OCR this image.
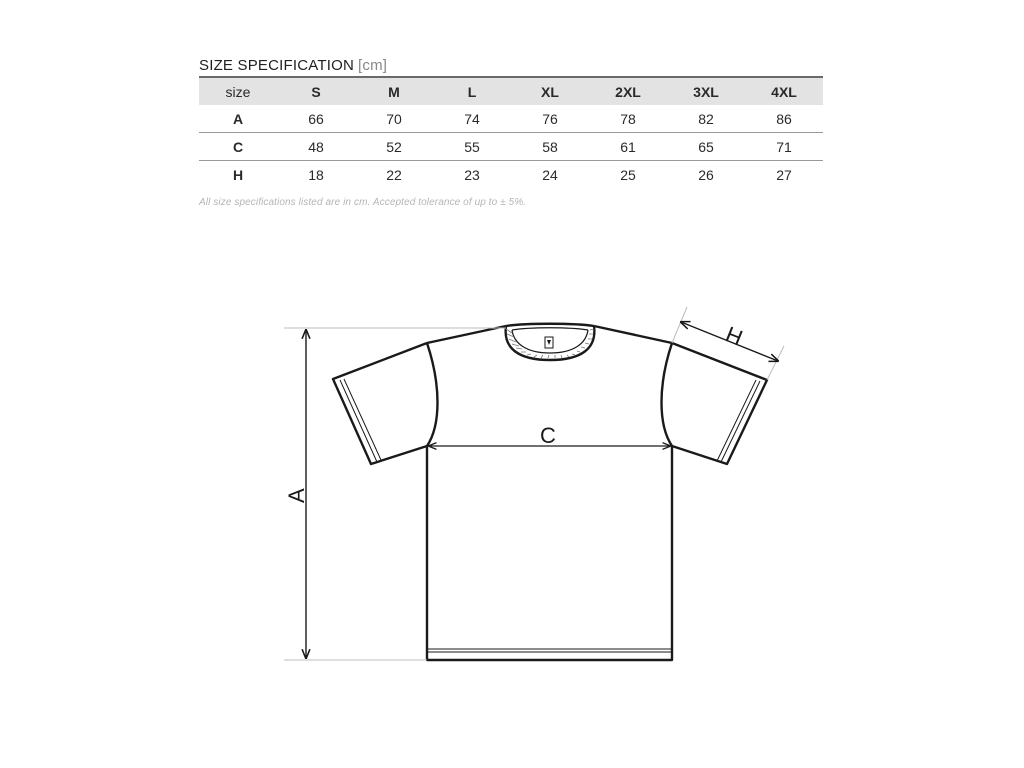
SIZE SPECIFICATION [cm]
size	S	M	L	XL	2XL	3XL	4XL
A	66	70	74	76	78	82	86
C	48	52	55	58	61	65	71
H	18	22	23	24	25	26	27
All size specifications listed are in cm. Accepted tolerance of up to ± 5%.
A
C
H
